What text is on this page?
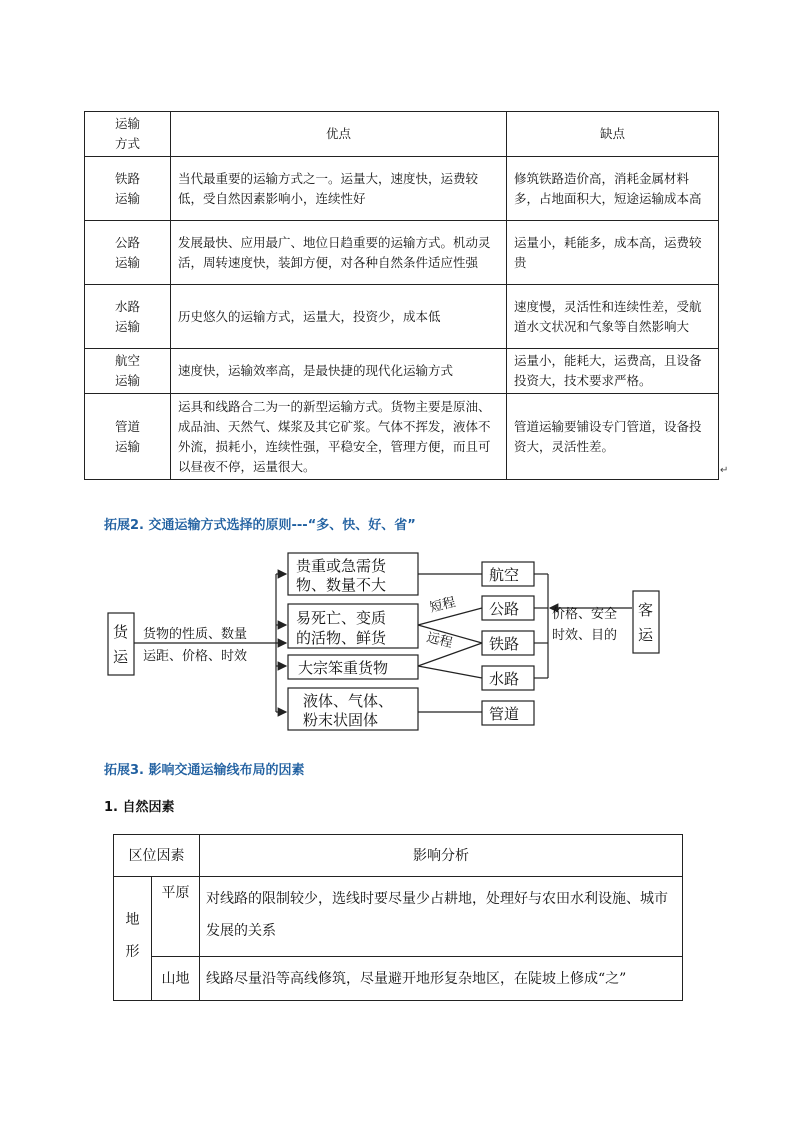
运输
方式	优点	缺点
铁路
运输	当代最重要的运输方式之一。运量大，速度快，运费较低，受自然因素影响小，连续性好	修筑铁路造价高，消耗金属材料多，占地面积大，短途运输成本高
公路
运输	发展最快、应用最广、地位日趋重要的运输方式。机动灵活，周转速度快，装卸方便，对各种自然条件适应性强	运量小，耗能多，成本高，运费较贵
水路
运输	历史悠久的运输方式，运量大，投资少，成本低	速度慢，灵活性和连续性差，受航道水文状况和气象等自然影响大
航空
运输	速度快，运输效率高，是最快捷的现代化运输方式	运量小，能耗大，运费高，且设备投资大，技术要求严格。
管道
运输	运具和线路合二为一的新型运输方式。货物主要是原油、成品油、天然气、煤浆及其它矿浆。气体不挥发，液体不外流，损耗小，连续性强，平稳安全，管理方便，而且可以昼夜不停，运量很大。	管道运输要铺设专门管道，设备投资大，灵活性差。
↵
拓展2. 交通运输方式选择的原则---“多、快、好、省”
货
运
货物的性质、数量
运距、价格、时效
贵重或急需货
物、数量不大
易死亡、变质
的活物、鲜货
大宗笨重货物
液体、气体、
粉末状固体
短程
远程
航空
公路
铁路
水路
管道
价格、安全
时效、目的
客
运
拓展3. 影响交通运输线布局的因素
1. 自然因素
区位因素		影响分析
地

形	平原	对线路的限制较少，选线时要尽量少占耕地，处理好与农田水利设施、城市发展的关系
	山地	线路尽量沿等高线修筑，尽量避开地形复杂地区，在陡坡上修成“之”
